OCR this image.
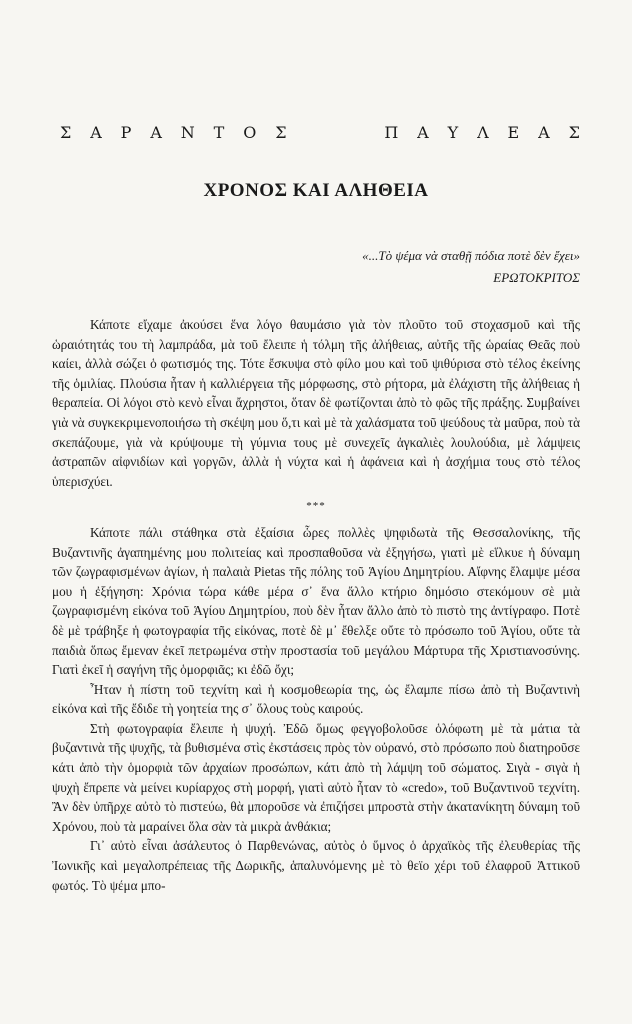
Σ Α Ρ Α Ν Τ Ο Σ	Π Α Υ Λ Ε Α Σ
ΧΡΟΝΟΣ ΚΑΙ ΑΛΗΘΕΙΑ
«...Τὸ ψέμα νὰ σταθῇ πόδια ποτὲ δὲν ἔχει»
ΕΡΩΤΟΚΡΙΤΟΣ

Κάποτε εἴχαμε ἀκούσει ἕνα λόγο θαυμάσιο γιὰ τὸν πλοῦτο τοῦ στοχασμοῦ καὶ τῆς ὡραιότητάς του τὴ λαμπράδα, μὰ τοῦ ἔλειπε ἡ τόλμη τῆς ἀλήθειας, αὐτῆς τῆς ὡραίας Θεᾶς ποὺ καίει, ἀλλὰ σώζει ὁ φωτισμός της. Τότε ἔσκυψα στὸ φίλο μου καὶ τοῦ ψιθύρισα στὸ τέλος ἐκείνης τῆς ὁμιλίας. Πλούσια ἦταν ἡ καλλιέργεια τῆς μόρφωσης, στὸ ρήτορα, μὰ ἐλάχιστη τῆς ἀλήθειας ἡ θεραπεία. Οἱ λόγοι στὸ κενὸ εἶναι ἄχρηστοι, ὅταν δὲ φωτίζονται ἀπὸ τὸ φῶς τῆς πράξης. Συμβαίνει γιὰ νὰ συγκεκριμενοποιήσω τὴ σκέψη μου ὅ,τι καὶ μὲ τὰ χαλάσματα τοῦ ψεύδους τὰ μαῦρα, ποὺ τὰ σκεπάζουμε, γιὰ νὰ κρύψουμε τὴ γύμνια τους μὲ συνεχεῖς ἀγκαλιὲς λουλούδια, μὲ λάμψεις ἀστραπῶν αἰφνιδίων καὶ γοργῶν, ἀλλὰ ἡ νύχτα καὶ ἡ ἀφάνεια καὶ ἡ ἀσχήμια τους στὸ τέλος ὑπερισχύει.

***

Κάποτε πάλι στάθηκα στὰ ἐξαίσια ὧρες πολλὲς ψηφιδωτὰ τῆς Θεσσαλονίκης, τῆς Βυζαντινῆς ἀγαπημένης μου πολιτείας καὶ προσπαθοῦσα νὰ ἐξηγήσω, γιατὶ μὲ εἵλκυε ἡ δύναμη τῶν ζωγραφισμένων ἁγίων, ἡ παλαιὰ Pietas τῆς πόλης τοῦ Ἁγίου Δημητρίου. Αἴφνης ἔλαμψε μέσα μου ἡ ἐξήγηση: Χρόνια τώρα κάθε μέρα σ᾽ ἕνα ἄλλο κτήριο δημόσιο στεκόμουν σὲ μιὰ ζωγραφισμένη εἰκόνα τοῦ Ἁγίου Δημητρίου, ποὺ δὲν ἦταν ἄλλο ἀπὸ τὸ πιστὸ της ἀντίγραφο. Ποτὲ δὲ μὲ τράβηξε ἡ φωτογραφία τῆς εἰκόνας, ποτὲ δὲ μ᾽ ἔθελξε οὔτε τὸ πρόσωπο τοῦ Ἁγίου, οὔτε τὰ παιδιὰ ὅπως ἔμεναν ἐκεῖ πετρωμένα στὴν προστασία τοῦ μεγάλου Μάρτυρα τῆς Χριστιανοσύνης. Γιατὶ ἐκεῖ ἡ σαγήνη τῆς ὁμορφιᾶς; κι ἐδῶ ὄχι;

Ἦταν ἡ πίστη τοῦ τεχνίτη καὶ ἡ κοσμοθεωρία της, ὡς ἔλαμπε πίσω ἀπὸ τὴ Βυζαντινὴ εἰκόνα καὶ τῆς ἔδιδε τὴ γοητεία της σ᾽ ὅλους τοὺς καιρούς.

Στὴ φωτογραφία ἔλειπε ἡ ψυχή. Ἐδῶ ὅμως φεγγοβολοῦσε ὁλόφωτη μὲ τὰ μάτια τὰ βυζαντινὰ τῆς ψυχῆς, τὰ βυθισμένα στὶς ἐκστάσεις πρὸς τὸν οὐρανό, στὸ πρόσωπο ποὺ διατηροῦσε κάτι ἀπὸ τὴν ὁμορφιὰ τῶν ἀρχαίων προσώπων, κάτι ἀπὸ τὴ λάμψη τοῦ σώματος. Σιγὰ - σιγὰ ἡ ψυχὴ ἔπρεπε νὰ μείνει κυρίαρχος στὴ μορφή, γιατὶ αὐτὸ ἦταν τὸ «credo», τοῦ Βυζαντινοῦ τεχνίτη. Ἂν δὲν ὑπῆρχε αὐτὸ τὸ πιστεύω, θὰ μποροῦσε νὰ ἐπιζήσει μπροστὰ στὴν ἀκατανίκητη δύναμη τοῦ Χρόνου, ποὺ τὰ μαραίνει ὅλα σὰν τὰ μικρὰ ἀνθάκια;

Γι᾽ αὐτὸ εἶναι ἀσάλευτος ὁ Παρθενώνας, αὐτὸς ὁ ὕμνος ὁ ἀρχαϊκὸς τῆς ἐλευθερίας τῆς Ἰωνικῆς καὶ μεγαλοπρέπειας τῆς Δωρικῆς, ἁπαλυνόμενης μὲ τὸ θεϊο χέρι τοῦ ἐλαφροῦ Ἀττικοῦ φωτός. Τὸ ψέμα μπο-
